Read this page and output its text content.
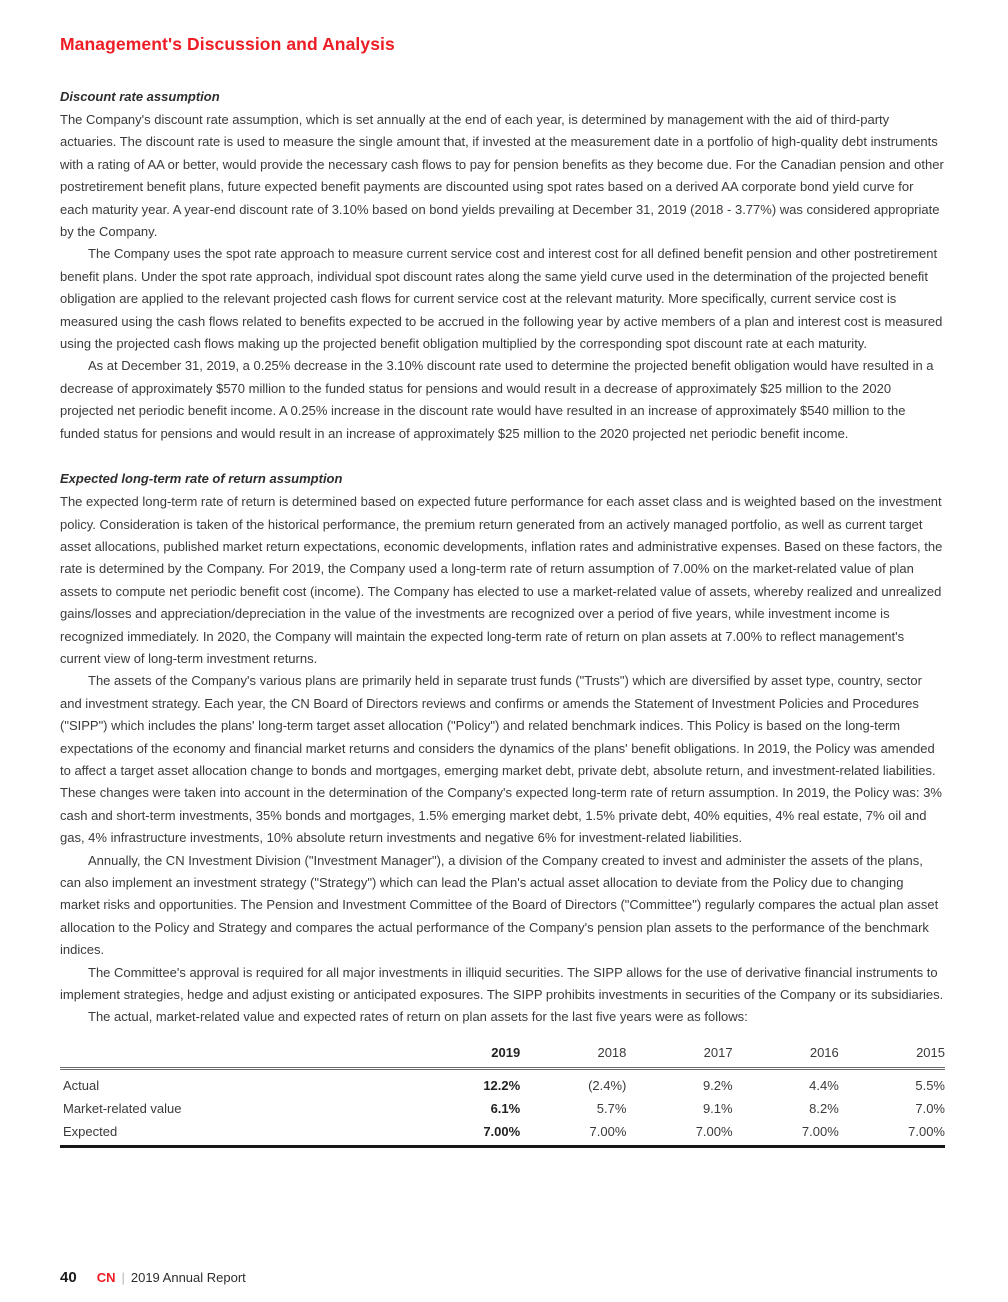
Management's Discussion and Analysis
Discount rate assumption

The Company's discount rate assumption, which is set annually at the end of each year, is determined by management with the aid of third-party actuaries. The discount rate is used to measure the single amount that, if invested at the measurement date in a portfolio of high-quality debt instruments with a rating of AA or better, would provide the necessary cash flows to pay for pension benefits as they become due. For the Canadian pension and other postretirement benefit plans, future expected benefit payments are discounted using spot rates based on a derived AA corporate bond yield curve for each maturity year. A year-end discount rate of 3.10% based on bond yields prevailing at December 31, 2019 (2018 - 3.77%) was considered appropriate by the Company.

The Company uses the spot rate approach to measure current service cost and interest cost for all defined benefit pension and other postretirement benefit plans. Under the spot rate approach, individual spot discount rates along the same yield curve used in the determination of the projected benefit obligation are applied to the relevant projected cash flows for current service cost at the relevant maturity. More specifically, current service cost is measured using the cash flows related to benefits expected to be accrued in the following year by active members of a plan and interest cost is measured using the projected cash flows making up the projected benefit obligation multiplied by the corresponding spot discount rate at each maturity.

As at December 31, 2019, a 0.25% decrease in the 3.10% discount rate used to determine the projected benefit obligation would have resulted in a decrease of approximately $570 million to the funded status for pensions and would result in a decrease of approximately $25 million to the 2020 projected net periodic benefit income. A 0.25% increase in the discount rate would have resulted in an increase of approximately $540 million to the funded status for pensions and would result in an increase of approximately $25 million to the 2020 projected net periodic benefit income.

Expected long-term rate of return assumption

The expected long-term rate of return is determined based on expected future performance for each asset class and is weighted based on the investment policy. Consideration is taken of the historical performance, the premium return generated from an actively managed portfolio, as well as current target asset allocations, published market return expectations, economic developments, inflation rates and administrative expenses. Based on these factors, the rate is determined by the Company. For 2019, the Company used a long-term rate of return assumption of 7.00% on the market-related value of plan assets to compute net periodic benefit cost (income). The Company has elected to use a market-related value of assets, whereby realized and unrealized gains/losses and appreciation/depreciation in the value of the investments are recognized over a period of five years, while investment income is recognized immediately. In 2020, the Company will maintain the expected long-term rate of return on plan assets at 7.00% to reflect management's current view of long-term investment returns.

The assets of the Company's various plans are primarily held in separate trust funds ("Trusts") which are diversified by asset type, country, sector and investment strategy. Each year, the CN Board of Directors reviews and confirms or amends the Statement of Investment Policies and Procedures ("SIPP") which includes the plans' long-term target asset allocation ("Policy") and related benchmark indices. This Policy is based on the long-term expectations of the economy and financial market returns and considers the dynamics of the plans' benefit obligations. In 2019, the Policy was amended to affect a target asset allocation change to bonds and mortgages, emerging market debt, private debt, absolute return, and investment-related liabilities. These changes were taken into account in the determination of the Company's expected long-term rate of return assumption. In 2019, the Policy was: 3% cash and short-term investments, 35% bonds and mortgages, 1.5% emerging market debt, 1.5% private debt, 40% equities, 4% real estate, 7% oil and gas, 4% infrastructure investments, 10% absolute return investments and negative 6% for investment-related liabilities.

Annually, the CN Investment Division ("Investment Manager"), a division of the Company created to invest and administer the assets of the plans, can also implement an investment strategy ("Strategy") which can lead the Plan's actual asset allocation to deviate from the Policy due to changing market risks and opportunities. The Pension and Investment Committee of the Board of Directors ("Committee") regularly compares the actual plan asset allocation to the Policy and Strategy and compares the actual performance of the Company's pension plan assets to the performance of the benchmark indices.

The Committee's approval is required for all major investments in illiquid securities. The SIPP allows for the use of derivative financial instruments to implement strategies, hedge and adjust existing or anticipated exposures. The SIPP prohibits investments in securities of the Company or its subsidiaries.

The actual, market-related value and expected rates of return on plan assets for the last five years were as follows:

	2019	2018	2017	2016	2015
Actual	12.2%	(2.4%)	9.2%	4.4%	5.5%
Market-related value	6.1%	5.7%	9.1%	8.2%	7.0%
Expected	7.00%	7.00%	7.00%	7.00%	7.00%
40 CN | 2019 Annual Report
